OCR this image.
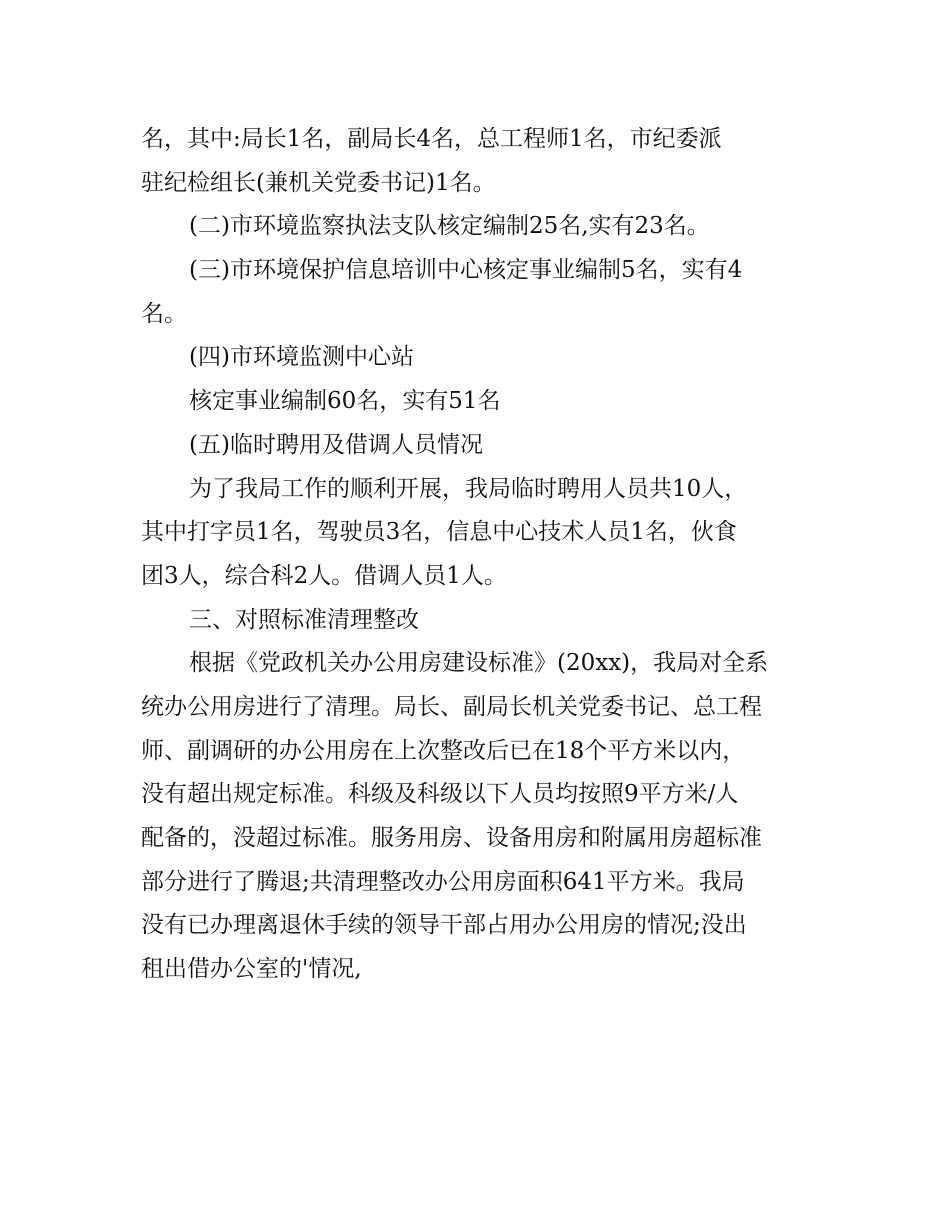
名，其中:局长1名，副局长4名，总工程师1名，市纪委派
驻纪检组长(兼机关党委书记)1名。
(二)市环境监察执法支队核定编制25名,实有23名。
(三)市环境保护信息培训中心核定事业编制5名，实有4
名。
(四)市环境监测中心站
核定事业编制60名，实有51名
(五)临时聘用及借调人员情况
为了我局工作的顺利开展，我局临时聘用人员共10人，
其中打字员1名，驾驶员3名，信息中心技术人员1名，伙食
团3人，综合科2人。借调人员1人。
三、对照标准清理整改
根据《党政机关办公用房建设标准》(20xx)，我局对全系
统办公用房进行了清理。局长、副局长机关党委书记、总工程
师、副调研的办公用房在上次整改后已在18个平方米以内，
没有超出规定标准。科级及科级以下人员均按照9平方米/人
配备的，没超过标准。服务用房、设备用房和附属用房超标准
部分进行了腾退;共清理整改办公用房面积641平方米。我局
没有已办理离退休手续的领导干部占用办公用房的情况;没出
租出借办公室的'情况,
